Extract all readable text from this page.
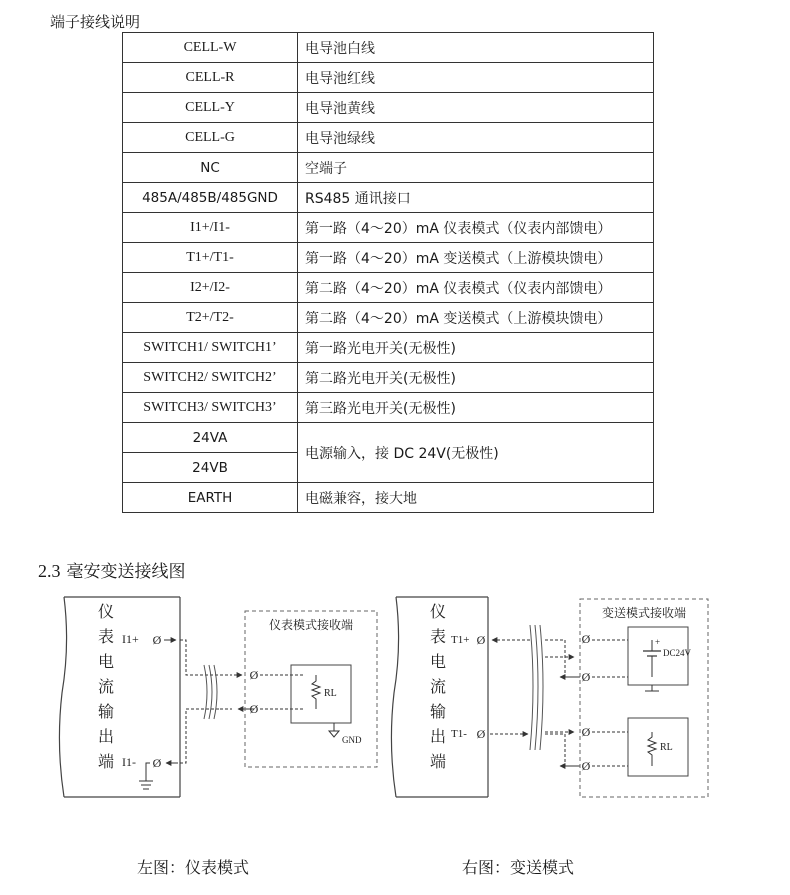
端子接线说明
CELL-W	电导池白线
CELL-R	电导池红线
CELL-Y	电导池黄线
CELL-G	电导池绿线
NC	空端子
485A/485B/485GND	RS485 通讯接口
I1+/I1-	第一路（4～20）mA 仪表模式（仪表内部馈电）
T1+/T1-	第一路（4～20）mA 变送模式（上游模块馈电）
I2+/I2-	第二路（4～20）mA 仪表模式（仪表内部馈电）
T2+/T2-	第二路（4～20）mA 变送模式（上游模块馈电）
SWITCH1/ SWITCH1’	第一路光电开关(无极性)
SWITCH2/ SWITCH2’	第二路光电开关(无极性)
SWITCH3/ SWITCH3’	第三路光电开关(无极性)
24VA	电源输入，接 DC 24V(无极性)
24VB	
EARTH	电磁兼容，接大地
2.3 毫安变送接线图
仪
表
电
流
输
出
端
I1+
I1-
Ø
Ø
仪表模式接收端
Ø
Ø
RL
GND
仪
表
电
流
输
出
端
T1+
T1-
Ø
Ø
变送模式接收端
Ø
Ø
Ø
Ø
+
DC24V
RL
左图：仪表模式	右图：变送模式
